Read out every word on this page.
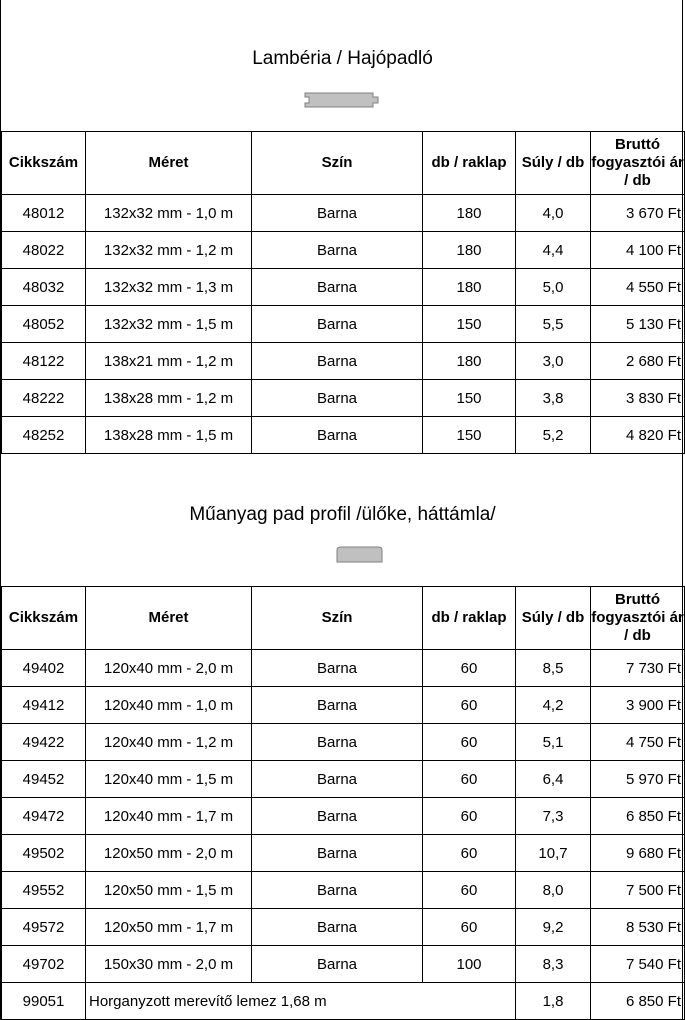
Lambéria / Hajópadló
Cikkszám	Méret	Szín	db / raklap	Súly / db	Bruttó fogyasztói ár / db
48012	132x32 mm - 1,0 m	Barna	180	4,0	3 670 Ft
48022	132x32 mm - 1,2 m	Barna	180	4,4	4 100 Ft
48032	132x32 mm - 1,3 m	Barna	180	5,0	4 550 Ft
48052	132x32 mm - 1,5 m	Barna	150	5,5	5 130 Ft
48122	138x21 mm - 1,2 m	Barna	180	3,0	2 680 Ft
48222	138x28 mm - 1,2 m	Barna	150	3,8	3 830 Ft
48252	138x28 mm - 1,5 m	Barna	150	5,2	4 820 Ft
Műanyag pad profil /ülőke, háttámla/
Cikkszám	Méret	Szín	db / raklap	Súly / db	Bruttó fogyasztói ár / db
49402	120x40 mm - 2,0 m	Barna	60	8,5	7 730 Ft
49412	120x40 mm - 1,0 m	Barna	60	4,2	3 900 Ft
49422	120x40 mm - 1,2 m	Barna	60	5,1	4 750 Ft
49452	120x40 mm - 1,5 m	Barna	60	6,4	5 970 Ft
49472	120x40 mm - 1,7 m	Barna	60	7,3	6 850 Ft
49502	120x50 mm - 2,0 m	Barna	60	10,7	9 680 Ft
49552	120x50 mm - 1,5 m	Barna	60	8,0	7 500 Ft
49572	120x50 mm - 1,7 m	Barna	60	9,2	8 530 Ft
49702	150x30 mm - 2,0 m	Barna	100	8,3	7 540 Ft
99051	Horganyzott merevítő lemez 1,68 m			1,8	6 850 Ft
